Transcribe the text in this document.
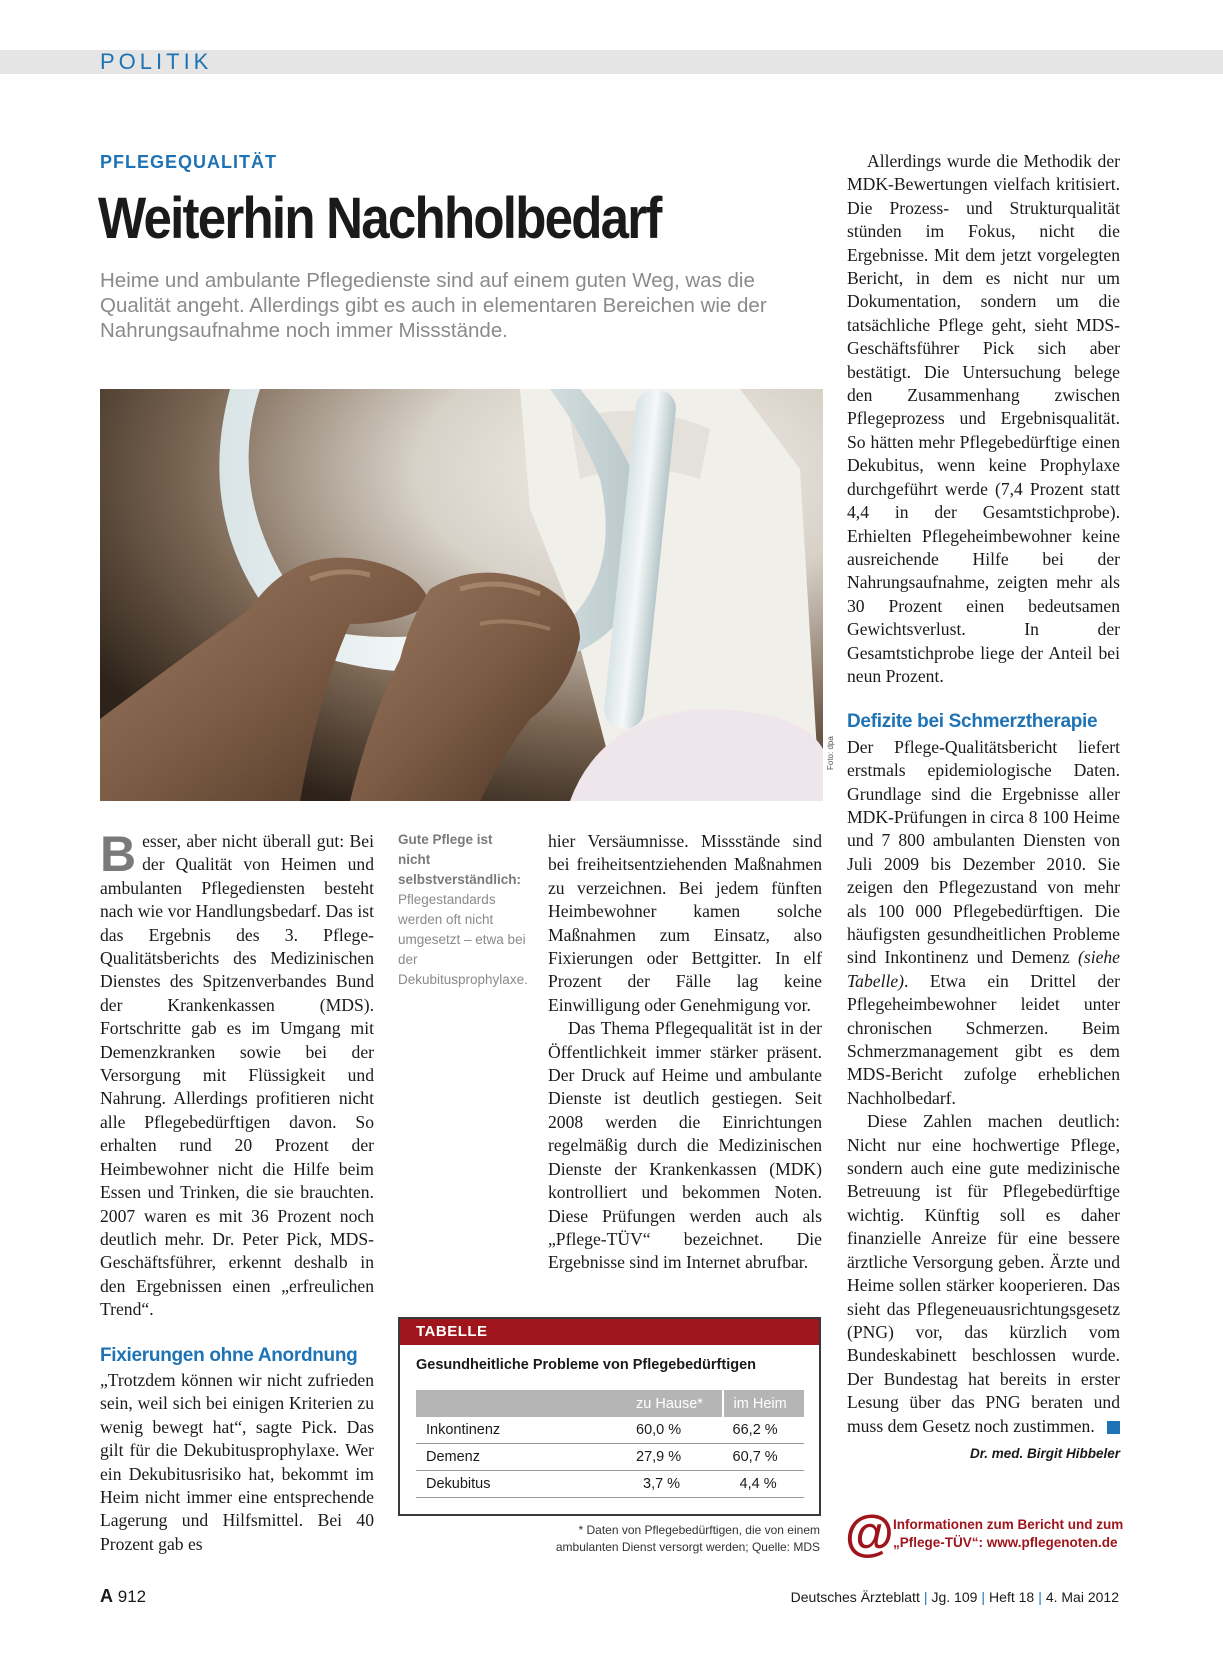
POLITIK
PFLEGEQUALITÄT
Weiterhin Nachholbedarf
Heime und ambulante Pflegedienste sind auf einem guten Weg, was die Qualität angeht. Allerdings gibt es auch in elementaren Bereichen wie der Nahrungsaufnahme noch immer Missstände.
Foto: dpa

Besser, aber nicht überall gut: Bei der Qualität von Heimen und ambulanten Pflegediensten besteht nach wie vor Handlungsbedarf. Das ist das Ergebnis des 3. Pflege-Qualitätsberichts des Medizinischen Dienstes des Spitzenverbandes Bund der Krankenkassen (MDS). Fortschritte gab es im Umgang mit Demenzkranken sowie bei der Versorgung mit Flüssigkeit und Nahrung. Allerdings profitieren nicht alle Pflegebedürftigen davon. So erhalten rund 20 Prozent der Heimbewohner nicht die Hilfe beim Essen und Trinken, die sie brauchten. 2007 waren es mit 36 Prozent noch deutlich mehr. Dr. Peter Pick, MDS-Geschäftsführer, erkennt deshalb in den Ergebnissen einen „erfreulichen Trend“.

Fixierungen ohne Anordnung

„Trotzdem können wir nicht zufrieden sein, weil sich bei einigen Kriterien zu wenig bewegt hat“, sagte Pick. Das gilt für die Dekubitusprophylaxe. Wer ein Dekubitusrisiko hat, bekommt im Heim nicht immer eine entsprechende Lagerung und Hilfsmittel. Bei 40 Prozent gab es

Gute Pflege ist nicht selbstverständlich: Pflegestandards werden oft nicht umgesetzt – etwa bei der Dekubitusprophylaxe.

hier Versäumnisse. Missstände sind bei freiheitsentziehenden Maßnahmen zu verzeichnen. Bei jedem fünften Heimbewohner kamen solche Maßnahmen zum Einsatz, also Fixierungen oder Bettgitter. In elf Prozent der Fälle lag keine Einwilligung oder Genehmigung vor.

Das Thema Pflegequalität ist in der Öffentlichkeit immer stärker präsent. Der Druck auf Heime und ambulante Dienste ist deutlich gestiegen. Seit 2008 werden die Einrichtungen regelmäßig durch die Medizinischen Dienste der Krankenkassen (MDK) kontrolliert und bekommen Noten. Diese Prüfungen werden auch als „Pflege-TÜV“ bezeichnet. Die Ergebnisse sind im Internet abrufbar.

TABELLE
Gesundheitliche Probleme von Pflegebedürftigen
	zu Hause*	im Heim
Inkontinenz	60,0 %	66,2 %
Demenz	27,9 %	60,7 %
Dekubitus	3,7 %	4,4 %
* Daten von Pflegebedürftigen, die von einem ambulanten Dienst versorgt werden; Quelle: MDS

Allerdings wurde die Methodik der MDK-Bewertungen vielfach kritisiert. Die Prozess- und Strukturqualität stünden im Fokus, nicht die Ergebnisse. Mit dem jetzt vorgelegten Bericht, in dem es nicht nur um Dokumentation, sondern um die tatsächliche Pflege geht, sieht MDS-Geschäftsführer Pick sich aber bestätigt. Die Untersuchung belege den Zusammenhang zwischen Pflegeprozess und Ergebnisqualität. So hätten mehr Pflegebedürftige einen Dekubitus, wenn keine Prophylaxe durchgeführt werde (7,4 Prozent statt 4,4 in der Gesamtstichprobe). Erhielten Pflegeheimbewohner keine ausreichende Hilfe bei der Nahrungsaufnahme, zeigten mehr als 30 Prozent einen bedeutsamen Gewichtsverlust. In der Gesamtstichprobe liege der Anteil bei neun Prozent.

Defizite bei Schmerztherapie

Der Pflege-Qualitätsbericht liefert erstmals epidemiologische Daten. Grundlage sind die Ergebnisse aller MDK-Prüfungen in circa 8 100 Heime und 7 800 ambulanten Diensten von Juli 2009 bis Dezember 2010. Sie zeigen den Pflegezustand von mehr als 100 000 Pflegebedürftigen. Die häufigsten gesundheitlichen Probleme sind Inkontinenz und Demenz (siehe Tabelle). Etwa ein Drittel der Pflegeheimbewohner leidet unter chronischen Schmerzen. Beim Schmerzmanagement gibt es dem MDS-Bericht zufolge erheblichen Nachholbedarf.

Diese Zahlen machen deutlich: Nicht nur eine hochwertige Pflege, sondern auch eine gute medizinische Betreuung ist für Pflegebedürftige wichtig. Künftig soll es daher finanzielle Anreize für eine bessere ärztliche Versorgung geben. Ärzte und Heime sollen stärker kooperieren. Das sieht das Pflegeneuausrichtungsgesetz (PNG) vor, das kürzlich vom Bundeskabinett beschlossen wurde. Der Bundestag hat bereits in erster Lesung über das PNG beraten und muss dem Gesetz noch zustimmen.

Dr. med. Birgit Hibbeler
@ Informationen zum Bericht und zum „Pflege-TÜV“: www.pflegenoten.de
A 912	Deutsches Ärzteblatt | Jg. 109 | Heft 18 | 4. Mai 2012
